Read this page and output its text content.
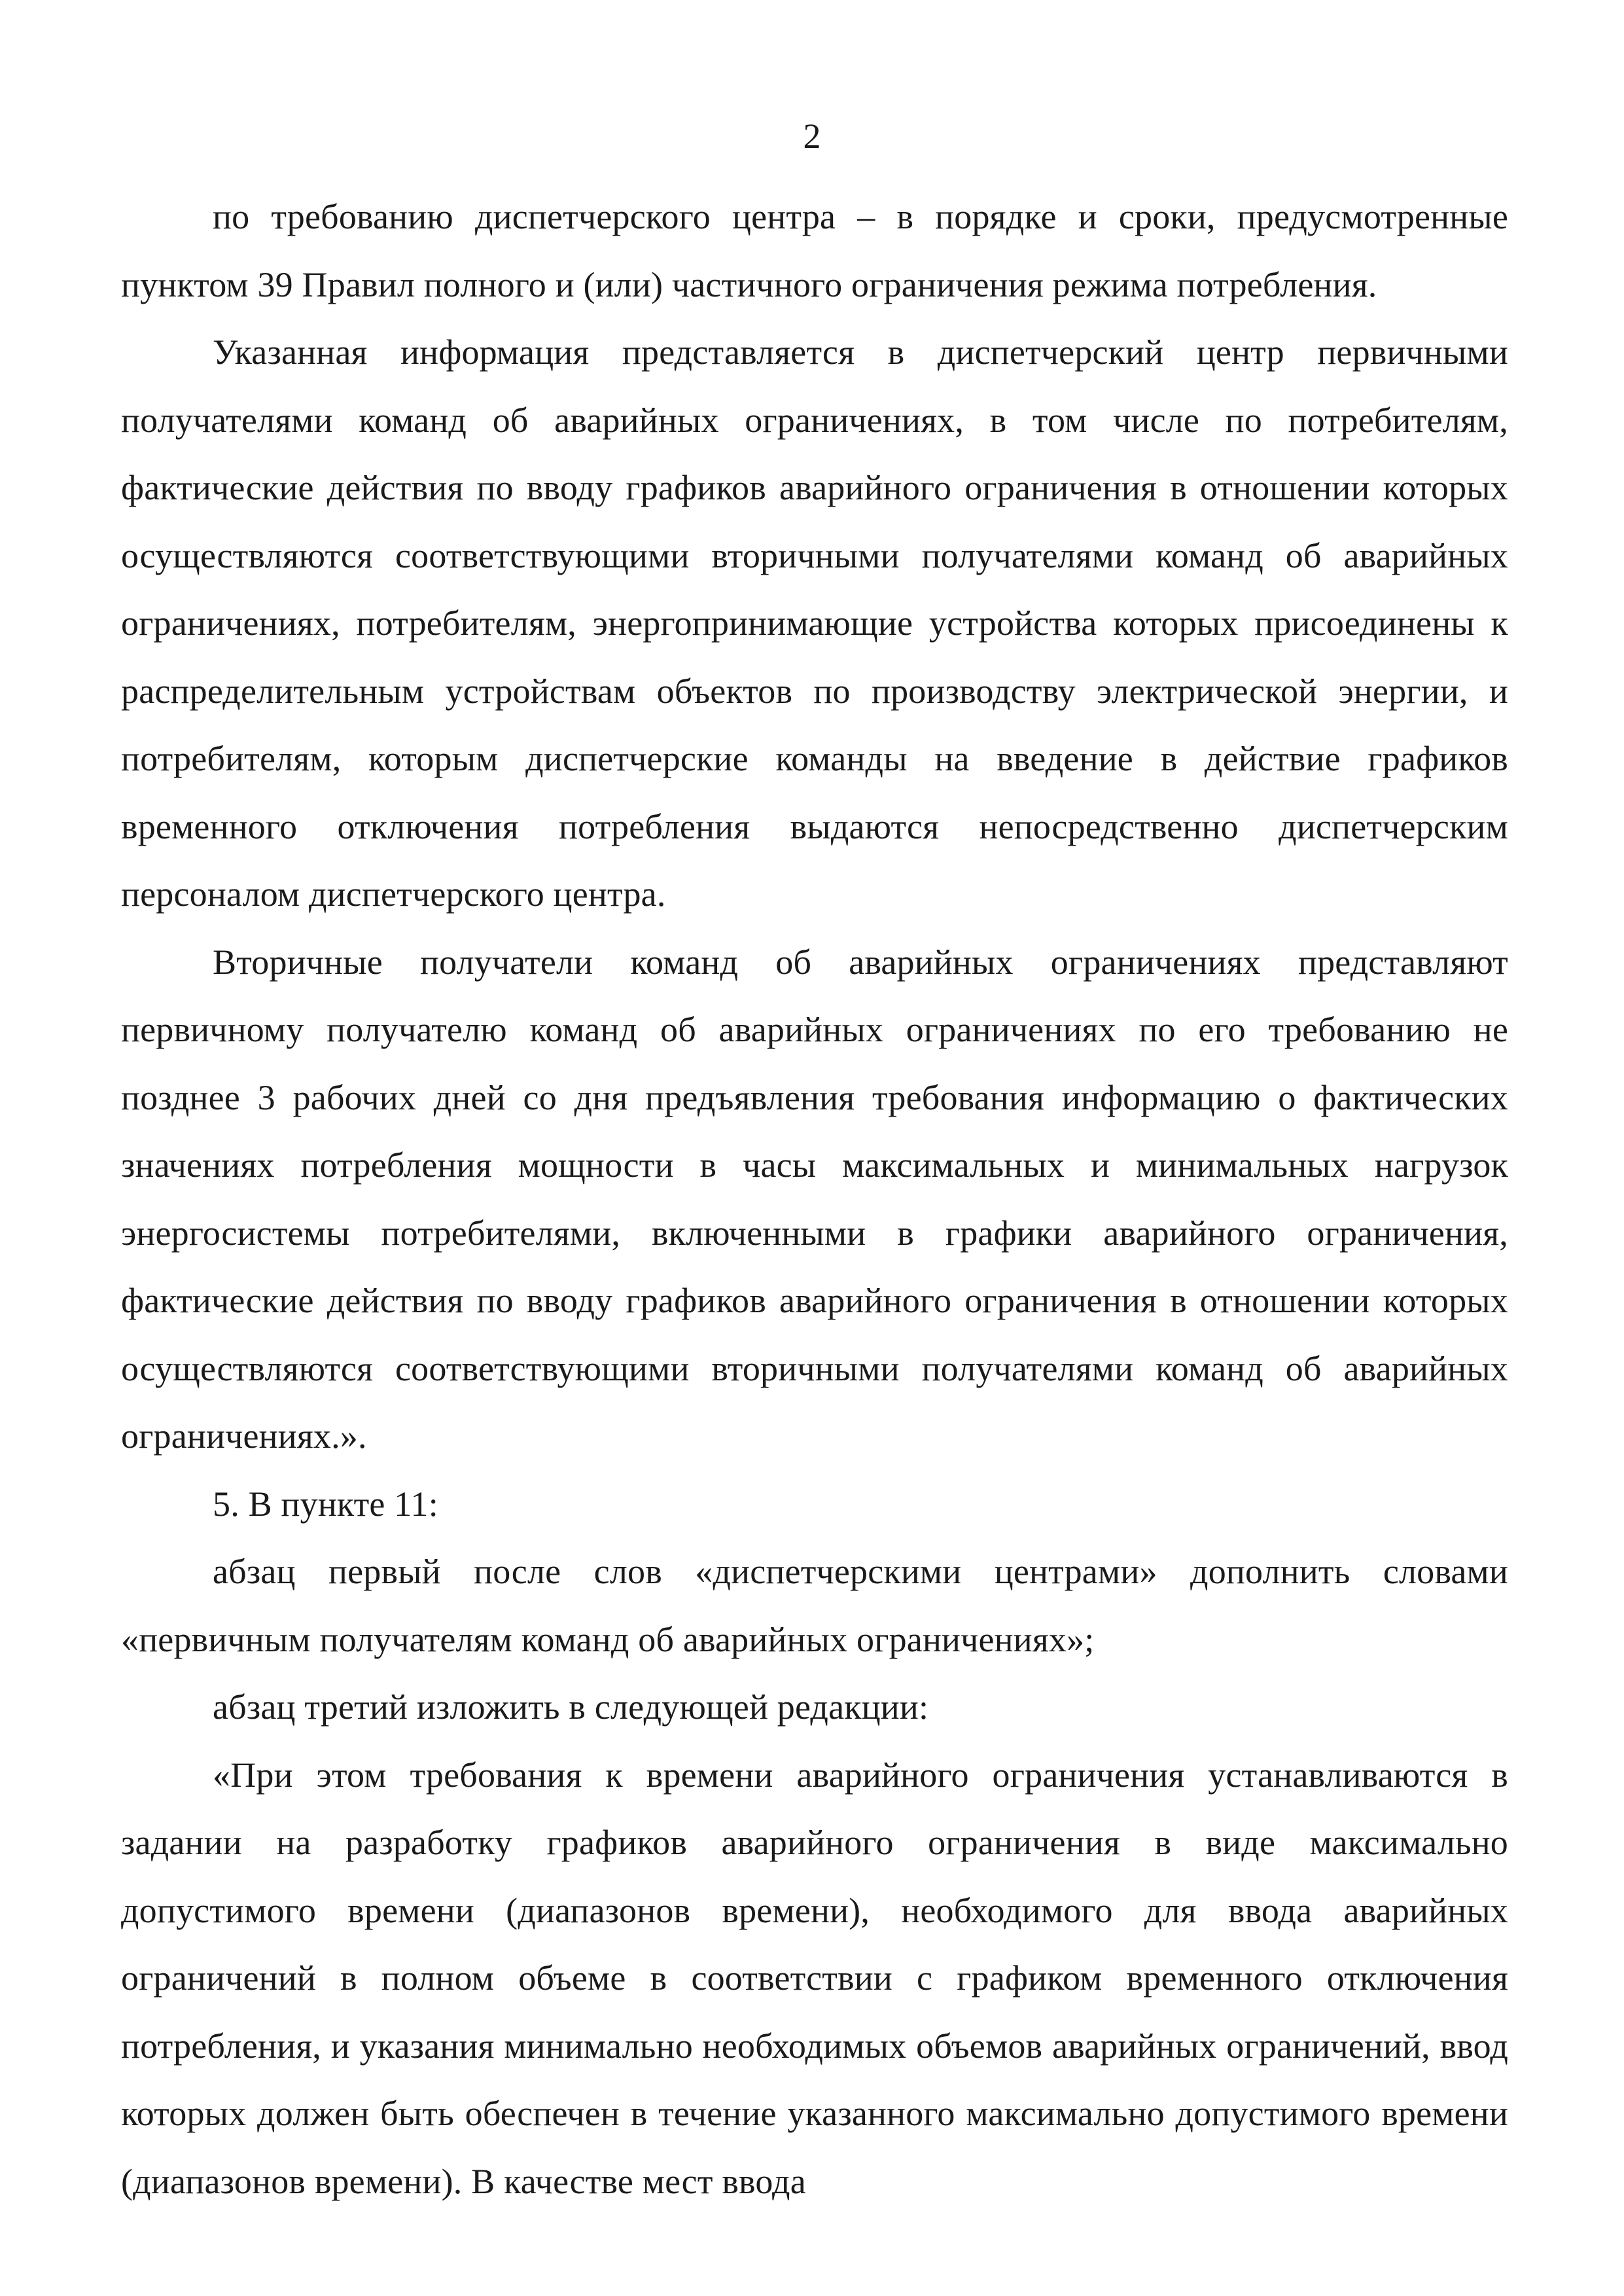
2

по требованию диспетчерского центра – в порядке и сроки, предусмотренные пунктом 39 Правил полного и (или) частичного ограничения режима потребления.

Указанная информация представляется в диспетчерский центр первичными получателями команд об аварийных ограничениях, в том числе по потребителям, фактические действия по вводу графиков аварийного ограничения в отношении которых осуществляются соответствующими вторичными получателями команд об аварийных ограничениях, потребителям, энергопринимающие устройства которых присоединены к распределительным устройствам объектов по производству электрической энергии, и потребителям, которым диспетчерские команды на введение в действие графиков временного отключения потребления выдаются непосредственно диспетчерским персоналом диспетчерского центра.

Вторичные получатели команд об аварийных ограничениях представляют первичному получателю команд об аварийных ограничениях по его требованию не позднее 3 рабочих дней со дня предъявления требования информацию о фактических значениях потребления мощности в часы максимальных и минимальных нагрузок энергосистемы потребителями, включенными в графики аварийного ограничения, фактические действия по вводу графиков аварийного ограничения в отношении которых осуществляются соответствующими вторичными получателями команд об аварийных ограничениях.».

5. В пункте 11:

абзац первый после слов «диспетчерскими центрами» дополнить словами «первичным получателям команд об аварийных ограничениях»;

абзац третий изложить в следующей редакции:

«При этом требования к времени аварийного ограничения устанавливаются в задании на разработку графиков аварийного ограничения в виде максимально допустимого времени (диапазонов времени), необходимого для ввода аварийных ограничений в полном объеме в соответствии с графиком временного отключения потребления, и указания минимально необходимых объемов аварийных ограничений, ввод которых должен быть обеспечен в течение указанного максимально допустимого времени (диапазонов времени). В качестве мест ввода
